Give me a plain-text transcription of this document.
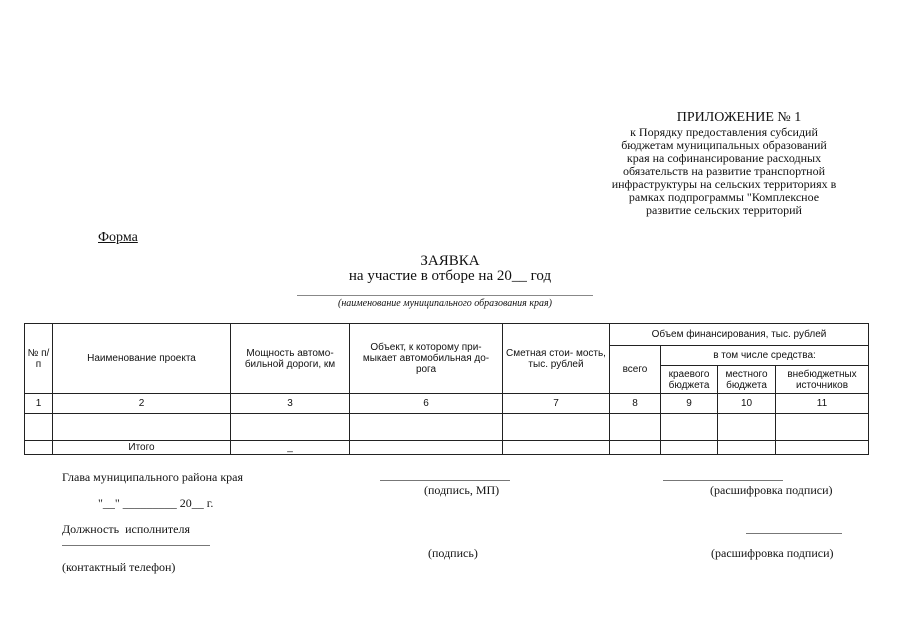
ПРИЛОЖЕНИЕ № 1
к Порядку предоставления субсидий
бюджетам муниципальных образований
края на софинансирование расходных
обязательств на развитие транспортной
инфраструктуры на сельских территориях в
рамках подпрограммы "Комплексное
развитие сельских территорий
Форма
ЗАЯВКА
на участие в отборе на 20__ год
(наименование муниципального образования края)
№ п/п	Наименование проекта	Мощность автомо- бильной дороги, км	Объект, к которому при- мыкает автомобильная до- рога	Сметная стои- мость, тыс. рублей	Объем финансирования, тыс. рублей			
					всего	в том числе средства:		
						краевого бюджета	местного бюджета	внебюджетных источников
1	2	3	6	7	8	9	10	11

	Итого	_						
Глава муниципального района края
(подпись, МП)	(расшифровка подписи)
"__" _________ 20__ г.
Должность  исполнителя
(подпись)	(расшифровка подписи)
(контактный телефон)
